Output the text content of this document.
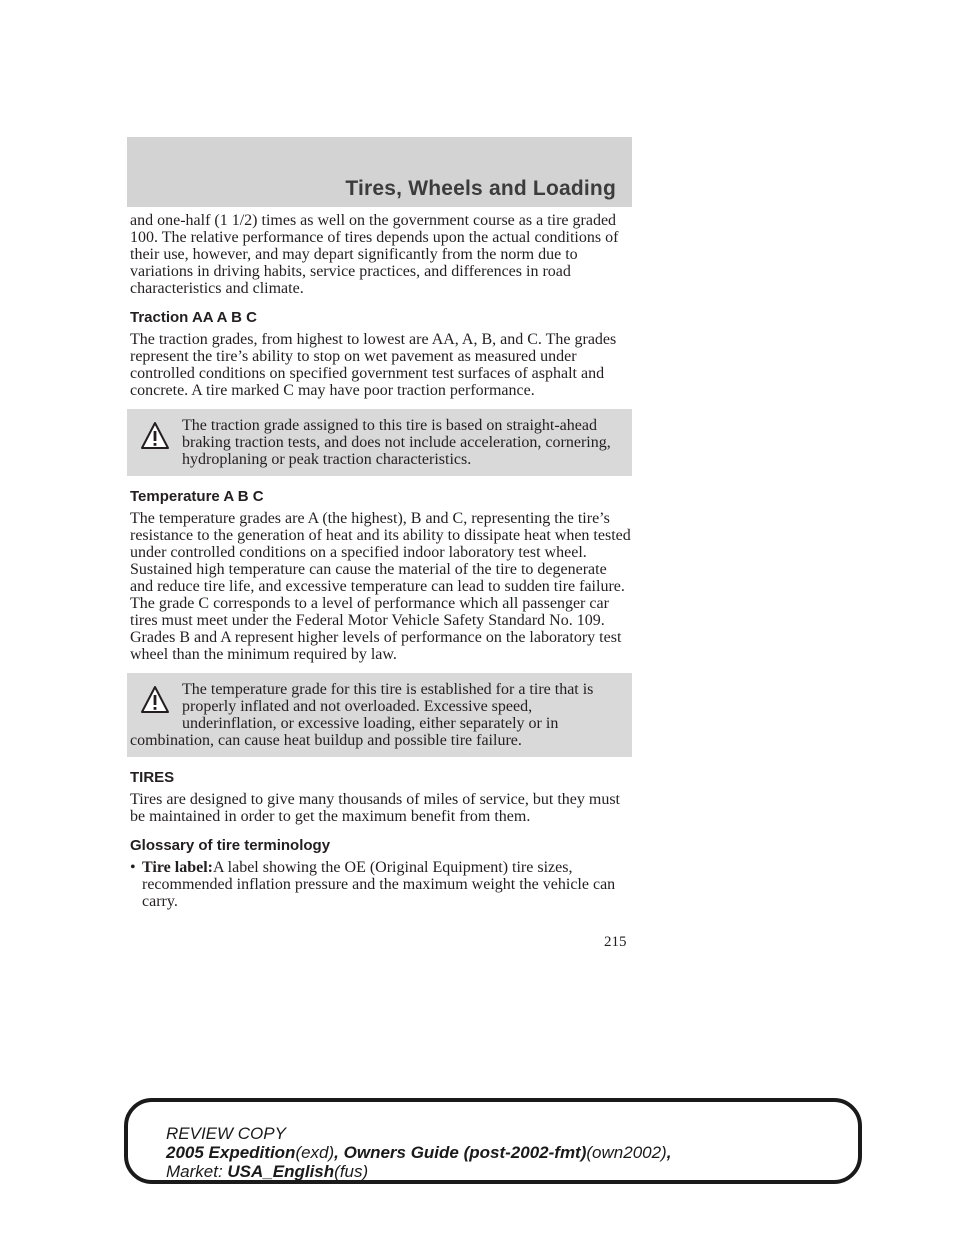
Tires, Wheels and Loading

and one-half (1 1/2) times as well on the government course as a tire graded 100. The relative performance of tires depends upon the actual conditions of their use, however, and may depart significantly from the norm due to variations in driving habits, service practices, and differences in road characteristics and climate.

Traction AA A B C

The traction grades, from highest to lowest are AA, A, B, and C. The grades represent the tire’s ability to stop on wet pavement as measured under controlled conditions on specified government test surfaces of asphalt and concrete. A tire marked C may have poor traction performance.

The traction grade assigned to this tire is based on straight-ahead braking traction tests, and does not include acceleration, cornering, hydroplaning or peak traction characteristics.
Temperature A B C

The temperature grades are A (the highest), B and C, representing the tire’s resistance to the generation of heat and its ability to dissipate heat when tested under controlled conditions on a specified indoor laboratory test wheel. Sustained high temperature can cause the material of the tire to degenerate and reduce tire life, and excessive temperature can lead to sudden tire failure. The grade C corresponds to a level of performance which all passenger car tires must meet under the Federal Motor Vehicle Safety Standard No. 109. Grades B and A represent higher levels of performance on the laboratory test wheel than the minimum required by law.

The temperature grade for this tire is established for a tire that is properly inflated and not overloaded. Excessive speed, underinflation, or excessive loading, either separately or in combination, can cause heat buildup and possible tire failure.
TIRES

Tires are designed to give many thousands of miles of service, but they must be maintained in order to get the maximum benefit from them.

Glossary of tire terminology
• Tire label:A label showing the OE (Original Equipment) tire sizes, recommended inflation pressure and the maximum weight the vehicle can carry.
215
REVIEW COPY
2005 Expedition(exd), Owners Guide (post-2002-fmt)(own2002),
Market: USA_English(fus)
